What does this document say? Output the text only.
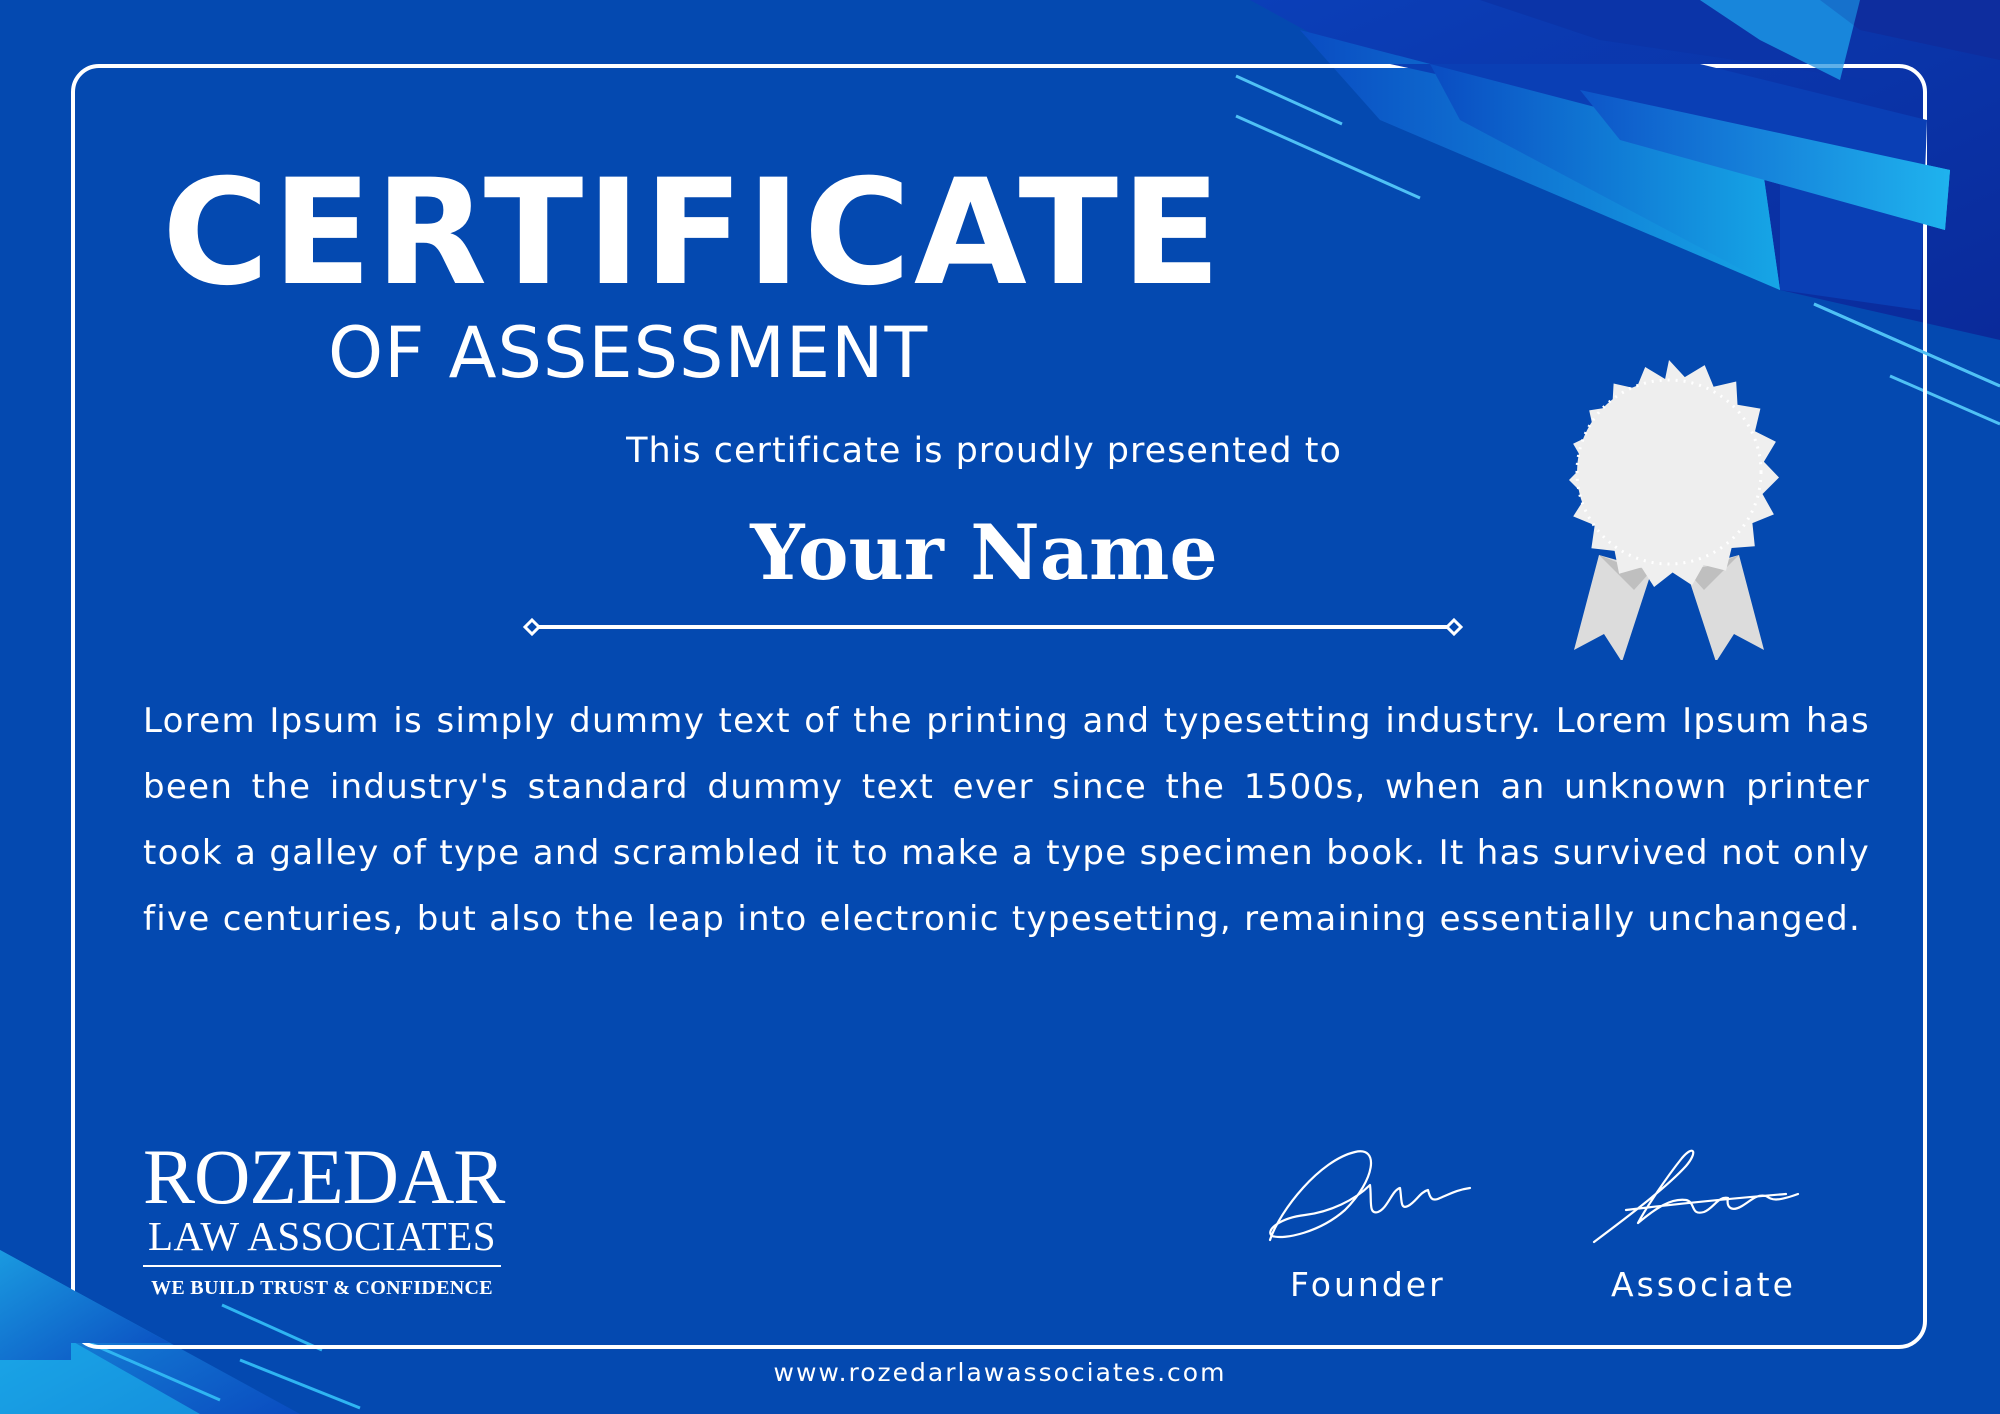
CERTIFICATE
OF ASSESSMENT
This certificate is proudly presented to
Your Name

Lorem Ipsum is simply dummy text of the printing and typesetting industry. Lorem Ipsum has been the industry's standard dummy text ever since the 1500s, when an unknown printer took a galley of type and scrambled it to make a type specimen book. It has survived not only five centuries, but also the leap into electronic typesetting, remaining essentially unchanged.

ROZEDAR
LAW ASSOCIATES
WE BUILD TRUST & CONFIDENCE	Founder	Associate
www.rozedarlawassociates.com
